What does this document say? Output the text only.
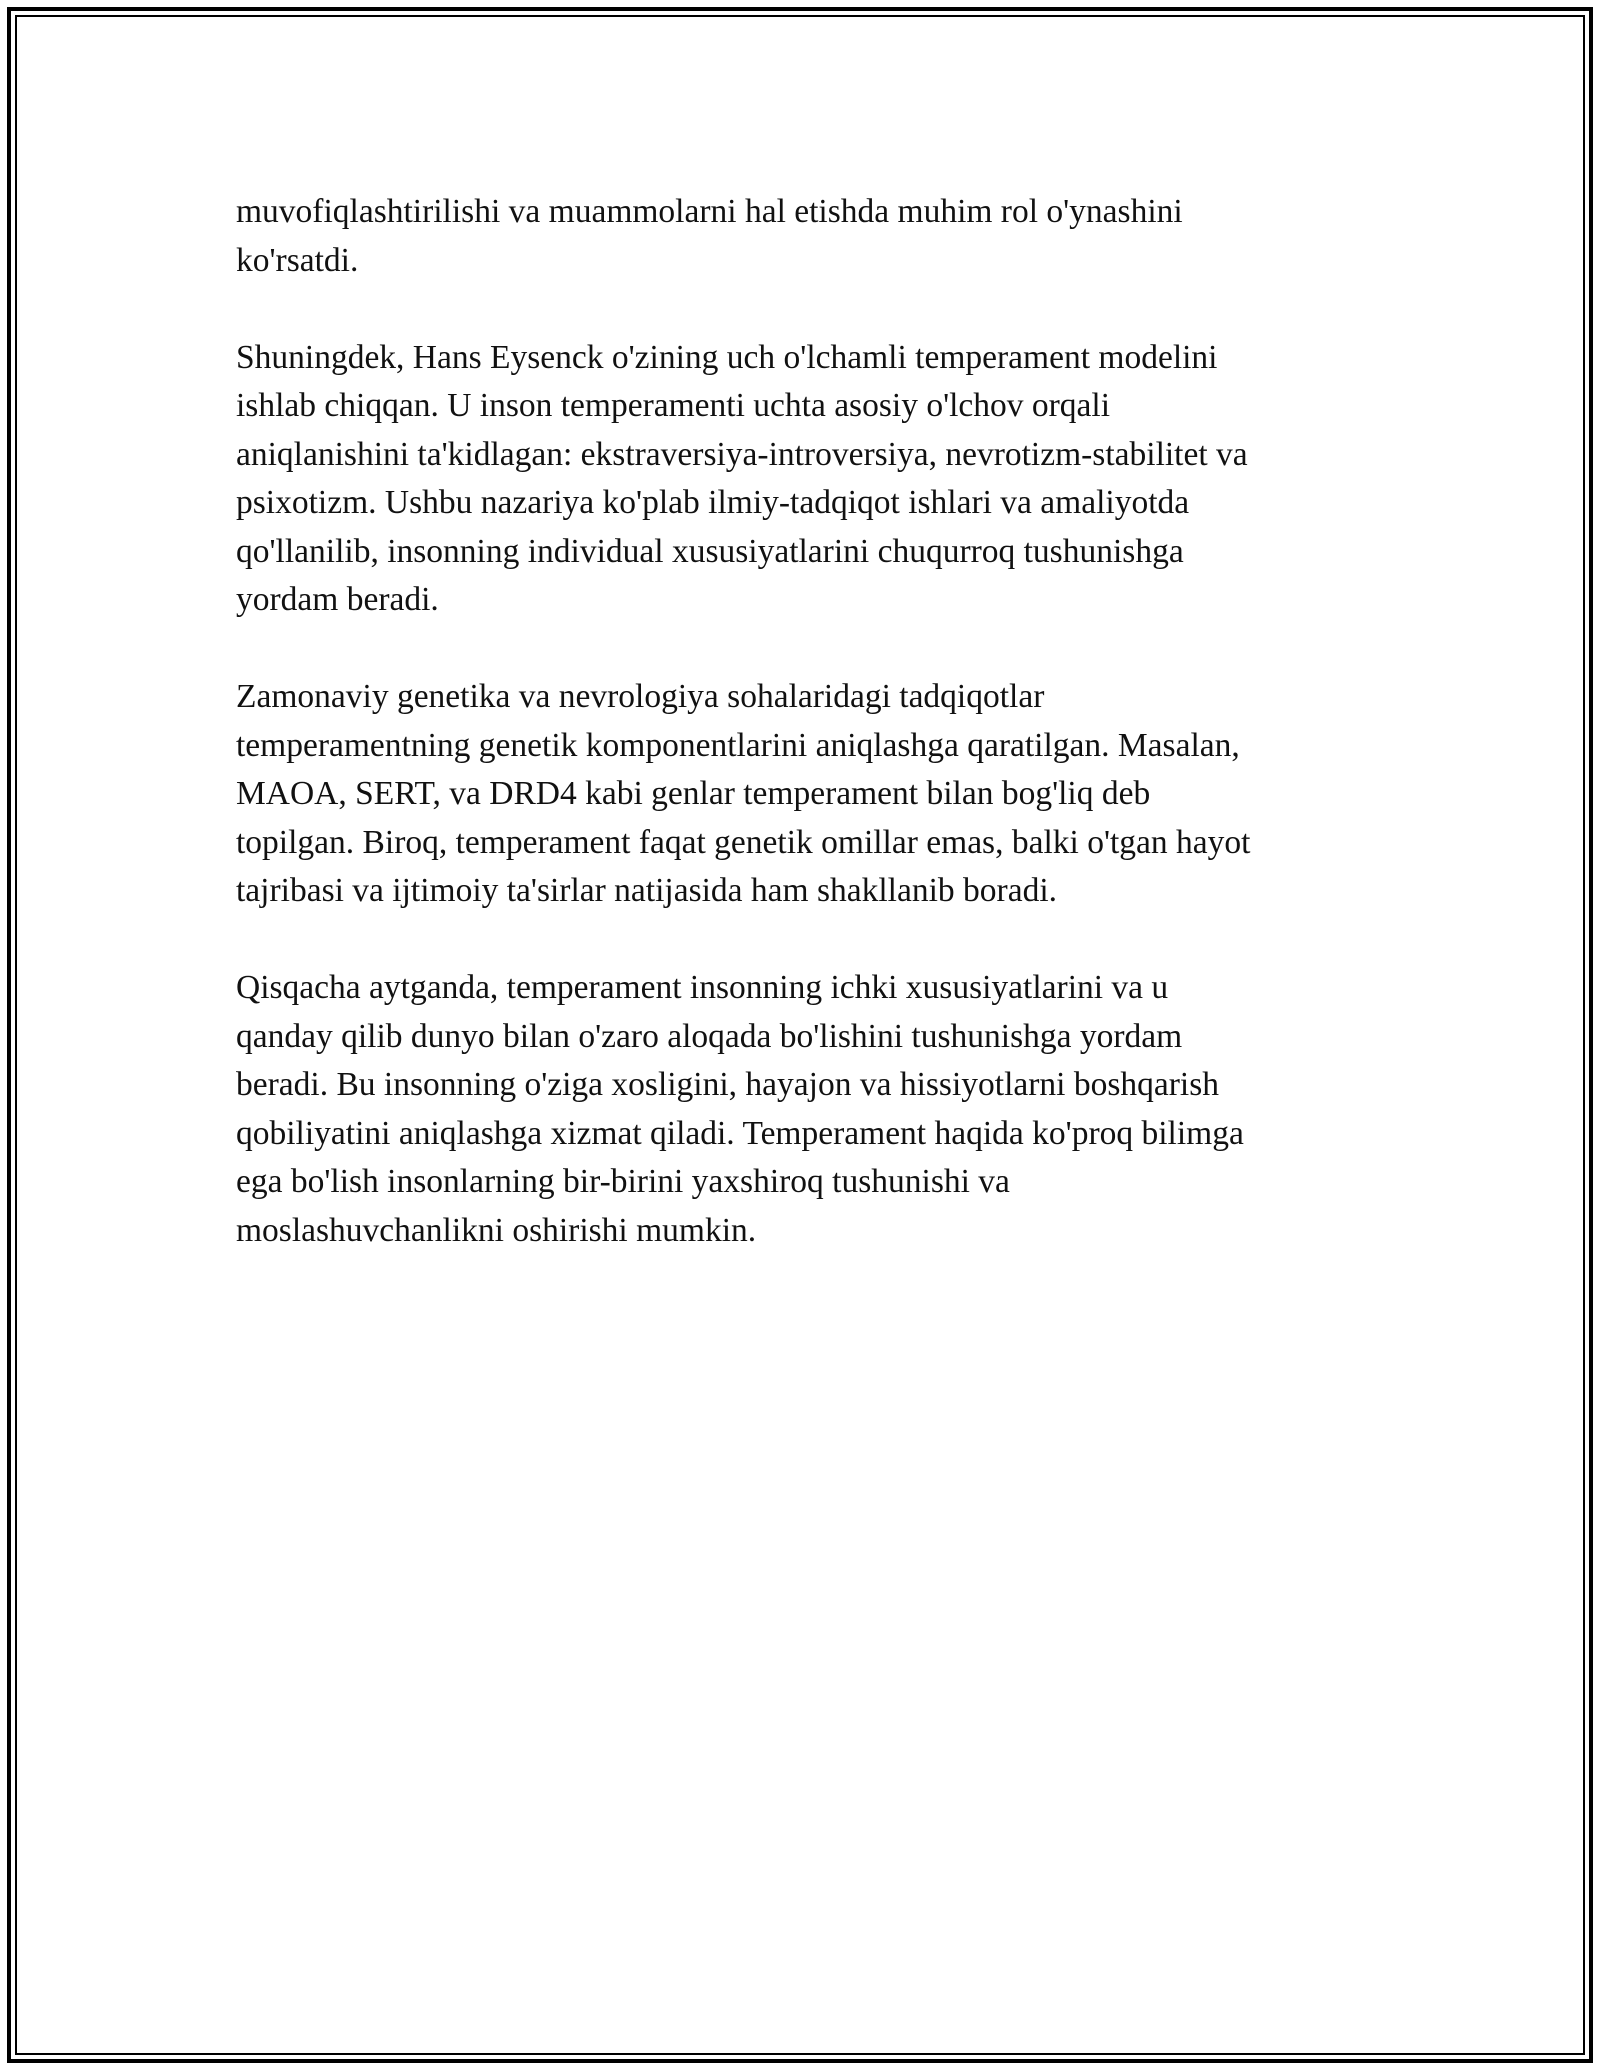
muvofiqlashtirilishi va muammolarni hal etishda muhim rol o'ynashini
ko'rsatdi.

Shuningdek, Hans Eysenck o'zining uch o'lchamli temperament modelini
ishlab chiqqan. U inson temperamenti uchta asosiy o'lchov orqali
aniqlanishini ta'kidlagan: ekstraversiya-introversiya, nevrotizm-stabilitet va
psixotizm. Ushbu nazariya ko'plab ilmiy-tadqiqot ishlari va amaliyotda
qo'llanilib, insonning individual xususiyatlarini chuqurroq tushunishga
yordam beradi.

Zamonaviy genetika va nevrologiya sohalaridagi tadqiqotlar
temperamentning genetik komponentlarini aniqlashga qaratilgan. Masalan,
MAOA, SERT, va DRD4 kabi genlar temperament bilan bog'liq deb
topilgan. Biroq, temperament faqat genetik omillar emas, balki o'tgan hayot
tajribasi va ijtimoiy ta'sirlar natijasida ham shakllanib boradi.

Qisqacha aytganda, temperament insonning ichki xususiyatlarini va u
qanday qilib dunyo bilan o'zaro aloqada bo'lishini tushunishga yordam
beradi. Bu insonning o'ziga xosligini, hayajon va hissiyotlarni boshqarish
qobiliyatini aniqlashga xizmat qiladi. Temperament haqida ko'proq bilimga
ega bo'lish insonlarning bir-birini yaxshiroq tushunishi va
moslashuvchanlikni oshirishi mumkin.
